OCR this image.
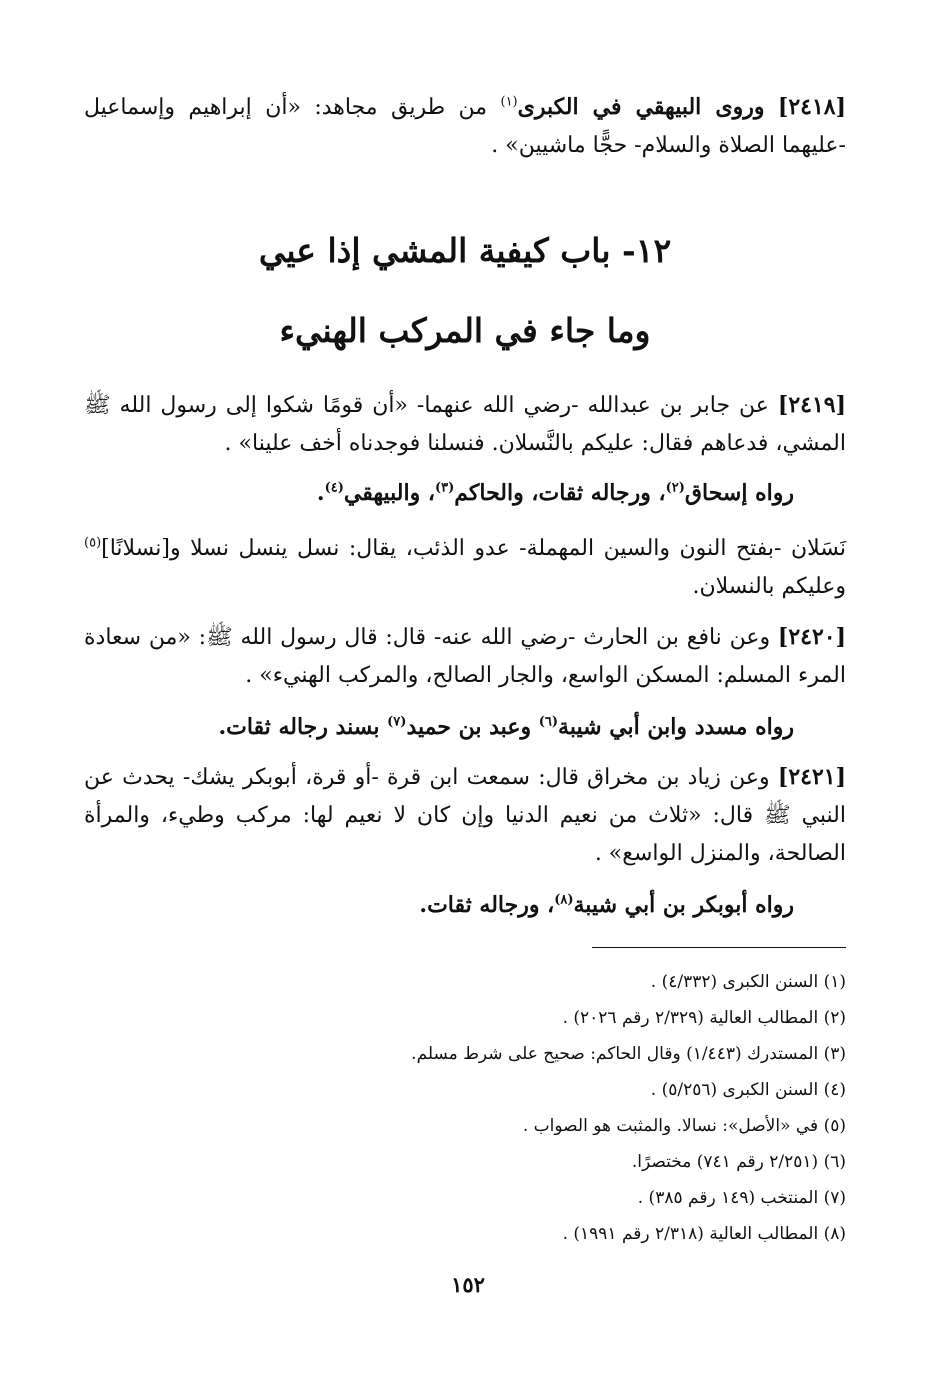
[٢٤١٨] وروى البيهقي في الكبرى$^{(١)}$ من طريق مجاهد: «أن إبراهيم وإسماعيل -عليهما الصلاة والسلام- حجًّا ماشيين» .

١٢- باب كيفية المشي إذا عيي
وما جاء في المركب الهنيء

[٢٤١٩] عن جابر بن عبدالله -رضي الله عنهما- «أن قومًا شكوا إلى رسول الله ﷺ المشي، فدعاهم فقال: عليكم بالنَّسلان. فنسلنا فوجدناه أخف علينا» .

رواه إسحاق$^{(٢)}$، ورجاله ثقات، والحاكم$^{(٣)}$، والبيهقي$^{(٤)}$.

نَسَلان -بفتح النون والسين المهملة- عدو الذئب، يقال: نسل ينسل نسلا و[نسلانًا]$^{(٥)}$ وعليكم بالنسلان.

[٢٤٢٠] وعن نافع بن الحارث -رضي الله عنه- قال: قال رسول الله ﷺ: «من سعادة المرء المسلم: المسكن الواسع، والجار الصالح، والمركب الهنيء» .

رواه مسدد وابن أبي شيبة$^{(٦)}$ وعبد بن حميد$^{(٧)}$ بسند رجاله ثقات.

[٢٤٢١] وعن زياد بن مخراق قال: سمعت ابن قرة -أو قرة، أبوبكر يشك- يحدث عن النبي ﷺ قال: «ثلاث من نعيم الدنيا وإن كان لا نعيم لها: مركب وطيء، والمرأة الصالحة، والمنزل الواسع» .

رواه أبوبكر بن أبي شيبة$^{(٨)}$، ورجاله ثقات.
(١) السنن الكبرى (٤/٣٣٢) .
(٢) المطالب العالية (٢/٣٢٩ رقم ٢٠٢٦) .
(٣) المستدرك (١/٤٤٣) وقال الحاكم: صحيح على شرط مسلم.
(٤) السنن الكبرى (٥/٢٥٦) .
(٥) في «الأصل»: نسالا. والمثبت هو الصواب .
(٦) (٢/٢٥١ رقم ٧٤١) مختصرًا.
(٧) المنتخب (١٤٩ رقم ٣٨٥) .
(٨) المطالب العالية (٢/٣١٨ رقم ١٩٩١) .
١٥٢
